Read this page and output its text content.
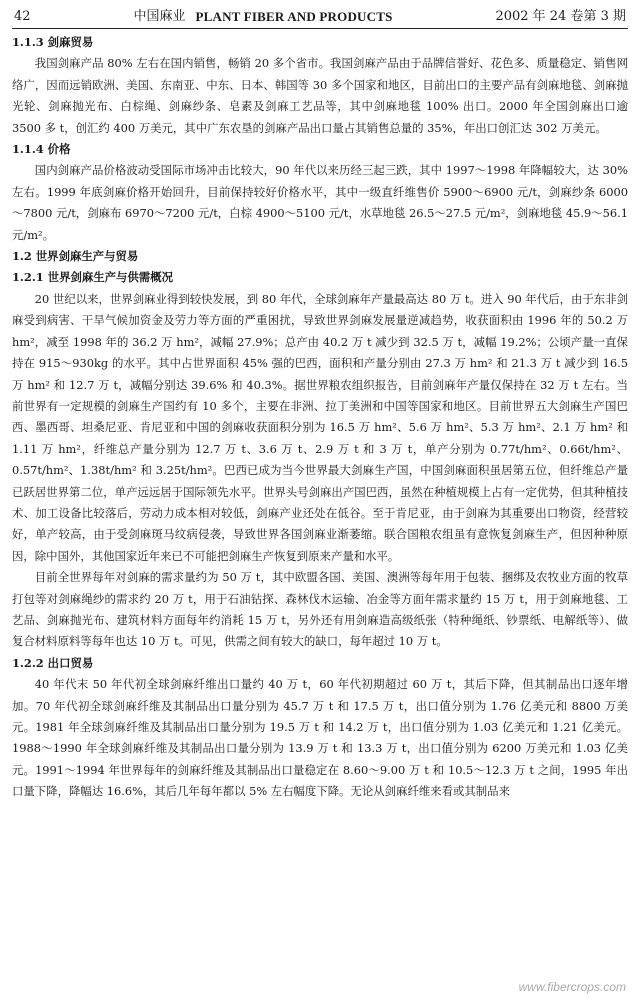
42	中国麻业 PLANT FIBER AND PRODUCTS	2002 年 24 卷第 3 期
1.1.3 剑麻贸易

我国剑麻产品 80% 左右在国内销售，畅销 20 多个省市。我国剑麻产品由于品牌信誉好、花色多、质量稳定、销售网络广，因而远销欧洲、美国、东南亚、中东、日本、韩国等 30 多个国家和地区，目前出口的主要产品有剑麻地毯、剑麻抛光轮、剑麻抛光布、白棕绳、剑麻纱条、皂素及剑麻工艺品等，其中剑麻地毯 100% 出口。2000 年全国剑麻出口逾 3500 多 t，创汇约 400 万美元，其中广东农垦的剑麻产品出口量占其销售总量的 35%，年出口创汇达 302 万美元。

1.1.4 价格

国内剑麻产品价格波动受国际市场冲击比较大，90 年代以来历经三起三跌，其中 1997～1998 年降幅较大，达 30% 左右。1999 年底剑麻价格开始回升，目前保持较好价格水平，其中一级直纤维售价 5900～6900 元/t，剑麻纱条 6000～7800 元/t，剑麻布 6970～7200 元/t，白棕 4900～5100 元/t，水草地毯 26.5～27.5 元/m²，剑麻地毯 45.9～56.1 元/m²。

1.2 世界剑麻生产与贸易
1.2.1 世界剑麻生产与供需概况

20 世纪以来，世界剑麻业得到较快发展，到 80 年代，全球剑麻年产量最高达 80 万 t。进入 90 年代后，由于东非剑麻受到病害、干旱气候加资金及劳力等方面的严重困扰，导致世界剑麻发展量逆减趋势，收获面积由 1996 年的 50.2 万 hm²，减至 1998 年的 36.2 万 hm²，减幅 27.9%；总产由 40.2 万 t 减少到 32.5 万 t，减幅 19.2%；公顷产量一直保持在 915～930kg 的水平。其中占世界面积 45% 强的巴西，面积和产量分别由 27.3 万 hm² 和 21.3 万 t 减少到 16.5 万 hm² 和 12.7 万 t，减幅分别达 39.6% 和 40.3%。据世界粮农组织报告，目前剑麻年产量仅保持在 32 万 t 左右。当前世界有一定规模的剑麻生产国约有 10 多个，主要在非洲、拉丁美洲和中国等国家和地区。目前世界五大剑麻生产国巴西、墨西哥、坦桑尼亚、肯尼亚和中国的剑麻收获面积分别为 16.5 万 hm²、5.6 万 hm²、5.3 万 hm²、2.1 万 hm² 和 1.11 万 hm²，纤维总产量分别为 12.7 万 t、3.6 万 t、2.9 万 t 和 3 万 t，单产分别为 0.77t/hm²、0.66t/hm²、0.57t/hm²、1.38t/hm² 和 3.25t/hm²。巴西已成为当今世界最大剑麻生产国，中国剑麻面积虽居第五位，但纤维总产量已跃居世界第二位，单产远远居于国际领先水平。世界头号剑麻出产国巴西，虽然在种植规模上占有一定优势，但其种植技术、加工设备比较落后，劳动力成本相对较低，剑麻产业还处在低谷。至于肯尼亚，由于剑麻为其重要出口物资，经营较好，单产较高，由于受剑麻斑马纹病侵袭，导致世界各国剑麻业渐萎缩。联合国粮农组虽有意恢复剑麻生产，但因种种原因，除中国外，其他国家近年来已不可能把剑麻生产恢复到原来产量和水平。

目前全世界每年对剑麻的需求量约为 50 万 t，其中欧盟各国、美国、澳洲等每年用于包装、捆绑及农牧业方面的牧草打包等对剑麻绳纱的需求约 20 万 t，用于石油钻探、森林伐木运输、冶金等方面年需求量约 15 万 t，用于剑麻地毯、工艺品、剑麻抛光布、建筑材料方面每年约消耗 15 万 t，另外还有用剑麻造高级纸张（特种绳纸、钞票纸、电解纸等）、做复合材料原料等每年也达 10 万 t。可见，供需之间有较大的缺口，每年超过 10 万 t。

1.2.2 出口贸易

40 年代末 50 年代初全球剑麻纤维出口量约 40 万 t，60 年代初期超过 60 万 t，其后下降，但其制品出口逐年增加。70 年代初全球剑麻纤维及其制品出口量分别为 45.7 万 t 和 17.5 万 t，出口值分别为 1.76 亿美元和 8800 万美元。1981 年全球剑麻纤维及其制品出口量分别为 19.5 万 t 和 14.2 万 t，出口值分别为 1.03 亿美元和 1.21 亿美元。1988～1990 年全球剑麻纤维及其制品出口量分别为 13.9 万 t 和 13.3 万 t，出口值分别为 6200 万美元和 1.03 亿美元。1991～1994 年世界每年的剑麻纤维及其制品出口量稳定在 8.60～9.00 万 t 和 10.5～12.3 万 t 之间，1995 年出口量下降，降幅达 16.6%，其后几年每年都以 5% 左右幅度下降。无论从剑麻纤维来看或其制品来

www.fibercrops.com
